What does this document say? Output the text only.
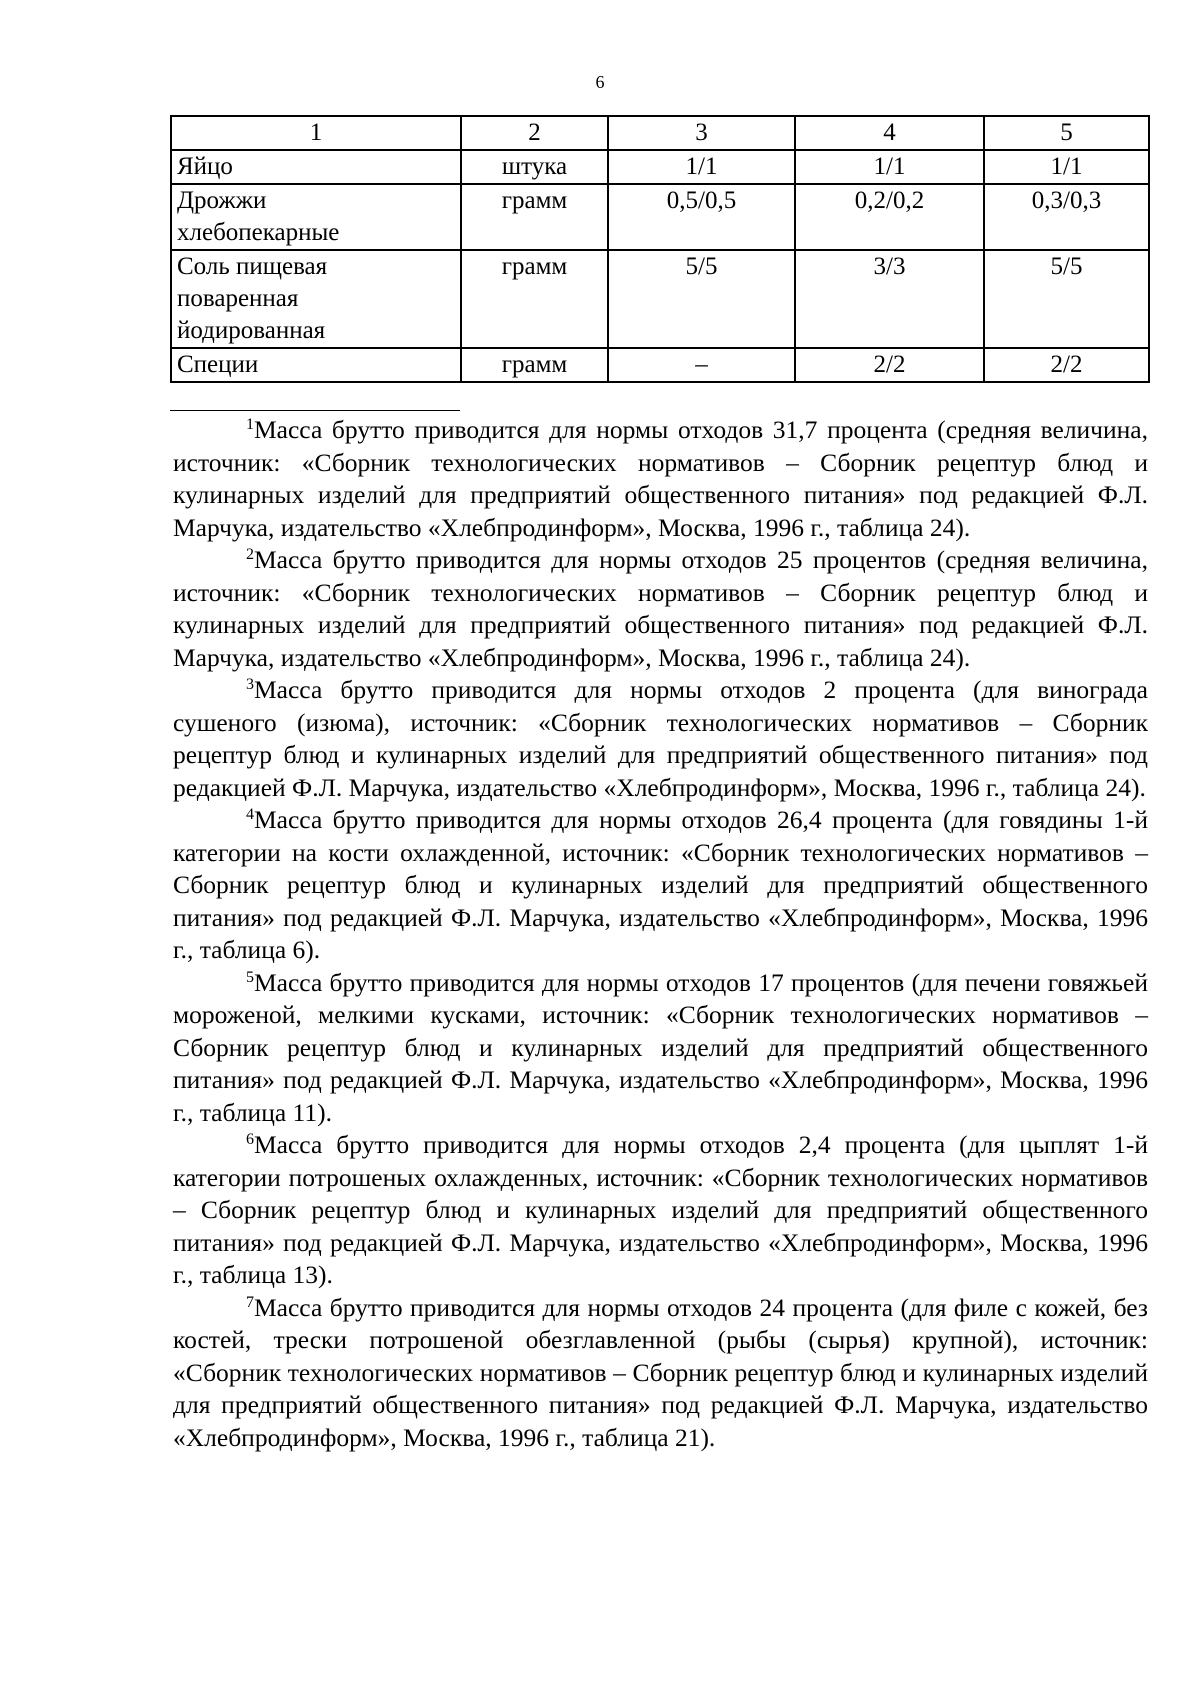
6
1	2	3	4	5
Яйцо	штука	1/1	1/1	1/1
Дрожжи хлебопекарные	грамм	0,5/0,5	0,2/0,2	0,3/0,3
Соль пищевая поваренная йодированная	грамм	5/5	3/3	5/5
Специи	грамм	–	2/2	2/2

$^1$Масса брутто приводится для нормы отходов 31,7 процента (средняя величина, источник: «Сборник технологических нормативов – Сборник рецептур блюд и кулинарных изделий для предприятий общественного питания» под редакцией Ф.Л. Марчука, издательство «Хлебпродинформ», Москва, 1996 г., таблица 24).

$^2$Масса брутто приводится для нормы отходов 25 процентов (средняя величина, источник: «Сборник технологических нормативов – Сборник рецептур блюд и кулинарных изделий для предприятий общественного питания» под редакцией Ф.Л. Марчука, издательство «Хлебпродинформ», Москва, 1996 г., таблица 24).

$^3$Масса брутто приводится для нормы отходов 2 процента (для винограда сушеного (изюма), источник: «Сборник технологических нормативов – Сборник рецептур блюд и кулинарных изделий для предприятий общественного питания» под редакцией Ф.Л. Марчука, издательство «Хлебпродинформ», Москва, 1996 г., таблица 24).

$^4$Масса брутто приводится для нормы отходов 26,4 процента (для говядины 1-й категории на кости охлажденной, источник: «Сборник технологических нормативов – Сборник рецептур блюд и кулинарных изделий для предприятий общественного питания» под редакцией Ф.Л. Марчука, издательство «Хлебпродинформ», Москва, 1996 г., таблица 6).

$^5$Масса брутто приводится для нормы отходов 17 процентов (для печени говяжьей мороженой, мелкими кусками, источник: «Сборник технологических нормативов – Сборник рецептур блюд и кулинарных изделий для предприятий общественного питания» под редакцией Ф.Л. Марчука, издательство «Хлебпродинформ», Москва, 1996 г., таблица 11).

$^6$Масса брутто приводится для нормы отходов 2,4 процента (для цыплят 1-й категории потрошеных охлажденных, источник: «Сборник технологических нормативов – Сборник рецептур блюд и кулинарных изделий для предприятий общественного питания» под редакцией Ф.Л. Марчука, издательство «Хлебпродинформ», Москва, 1996 г., таблица 13).

$^7$Масса брутто приводится для нормы отходов 24 процента (для филе с кожей, без костей, трески потрошеной обезглавленной (рыбы (сырья) крупной), источник: «Сборник технологических нормативов – Сборник рецептур блюд и кулинарных изделий для предприятий общественного питания» под редакцией Ф.Л. Марчука, издательство «Хлебпродинформ», Москва, 1996 г., таблица 21).
